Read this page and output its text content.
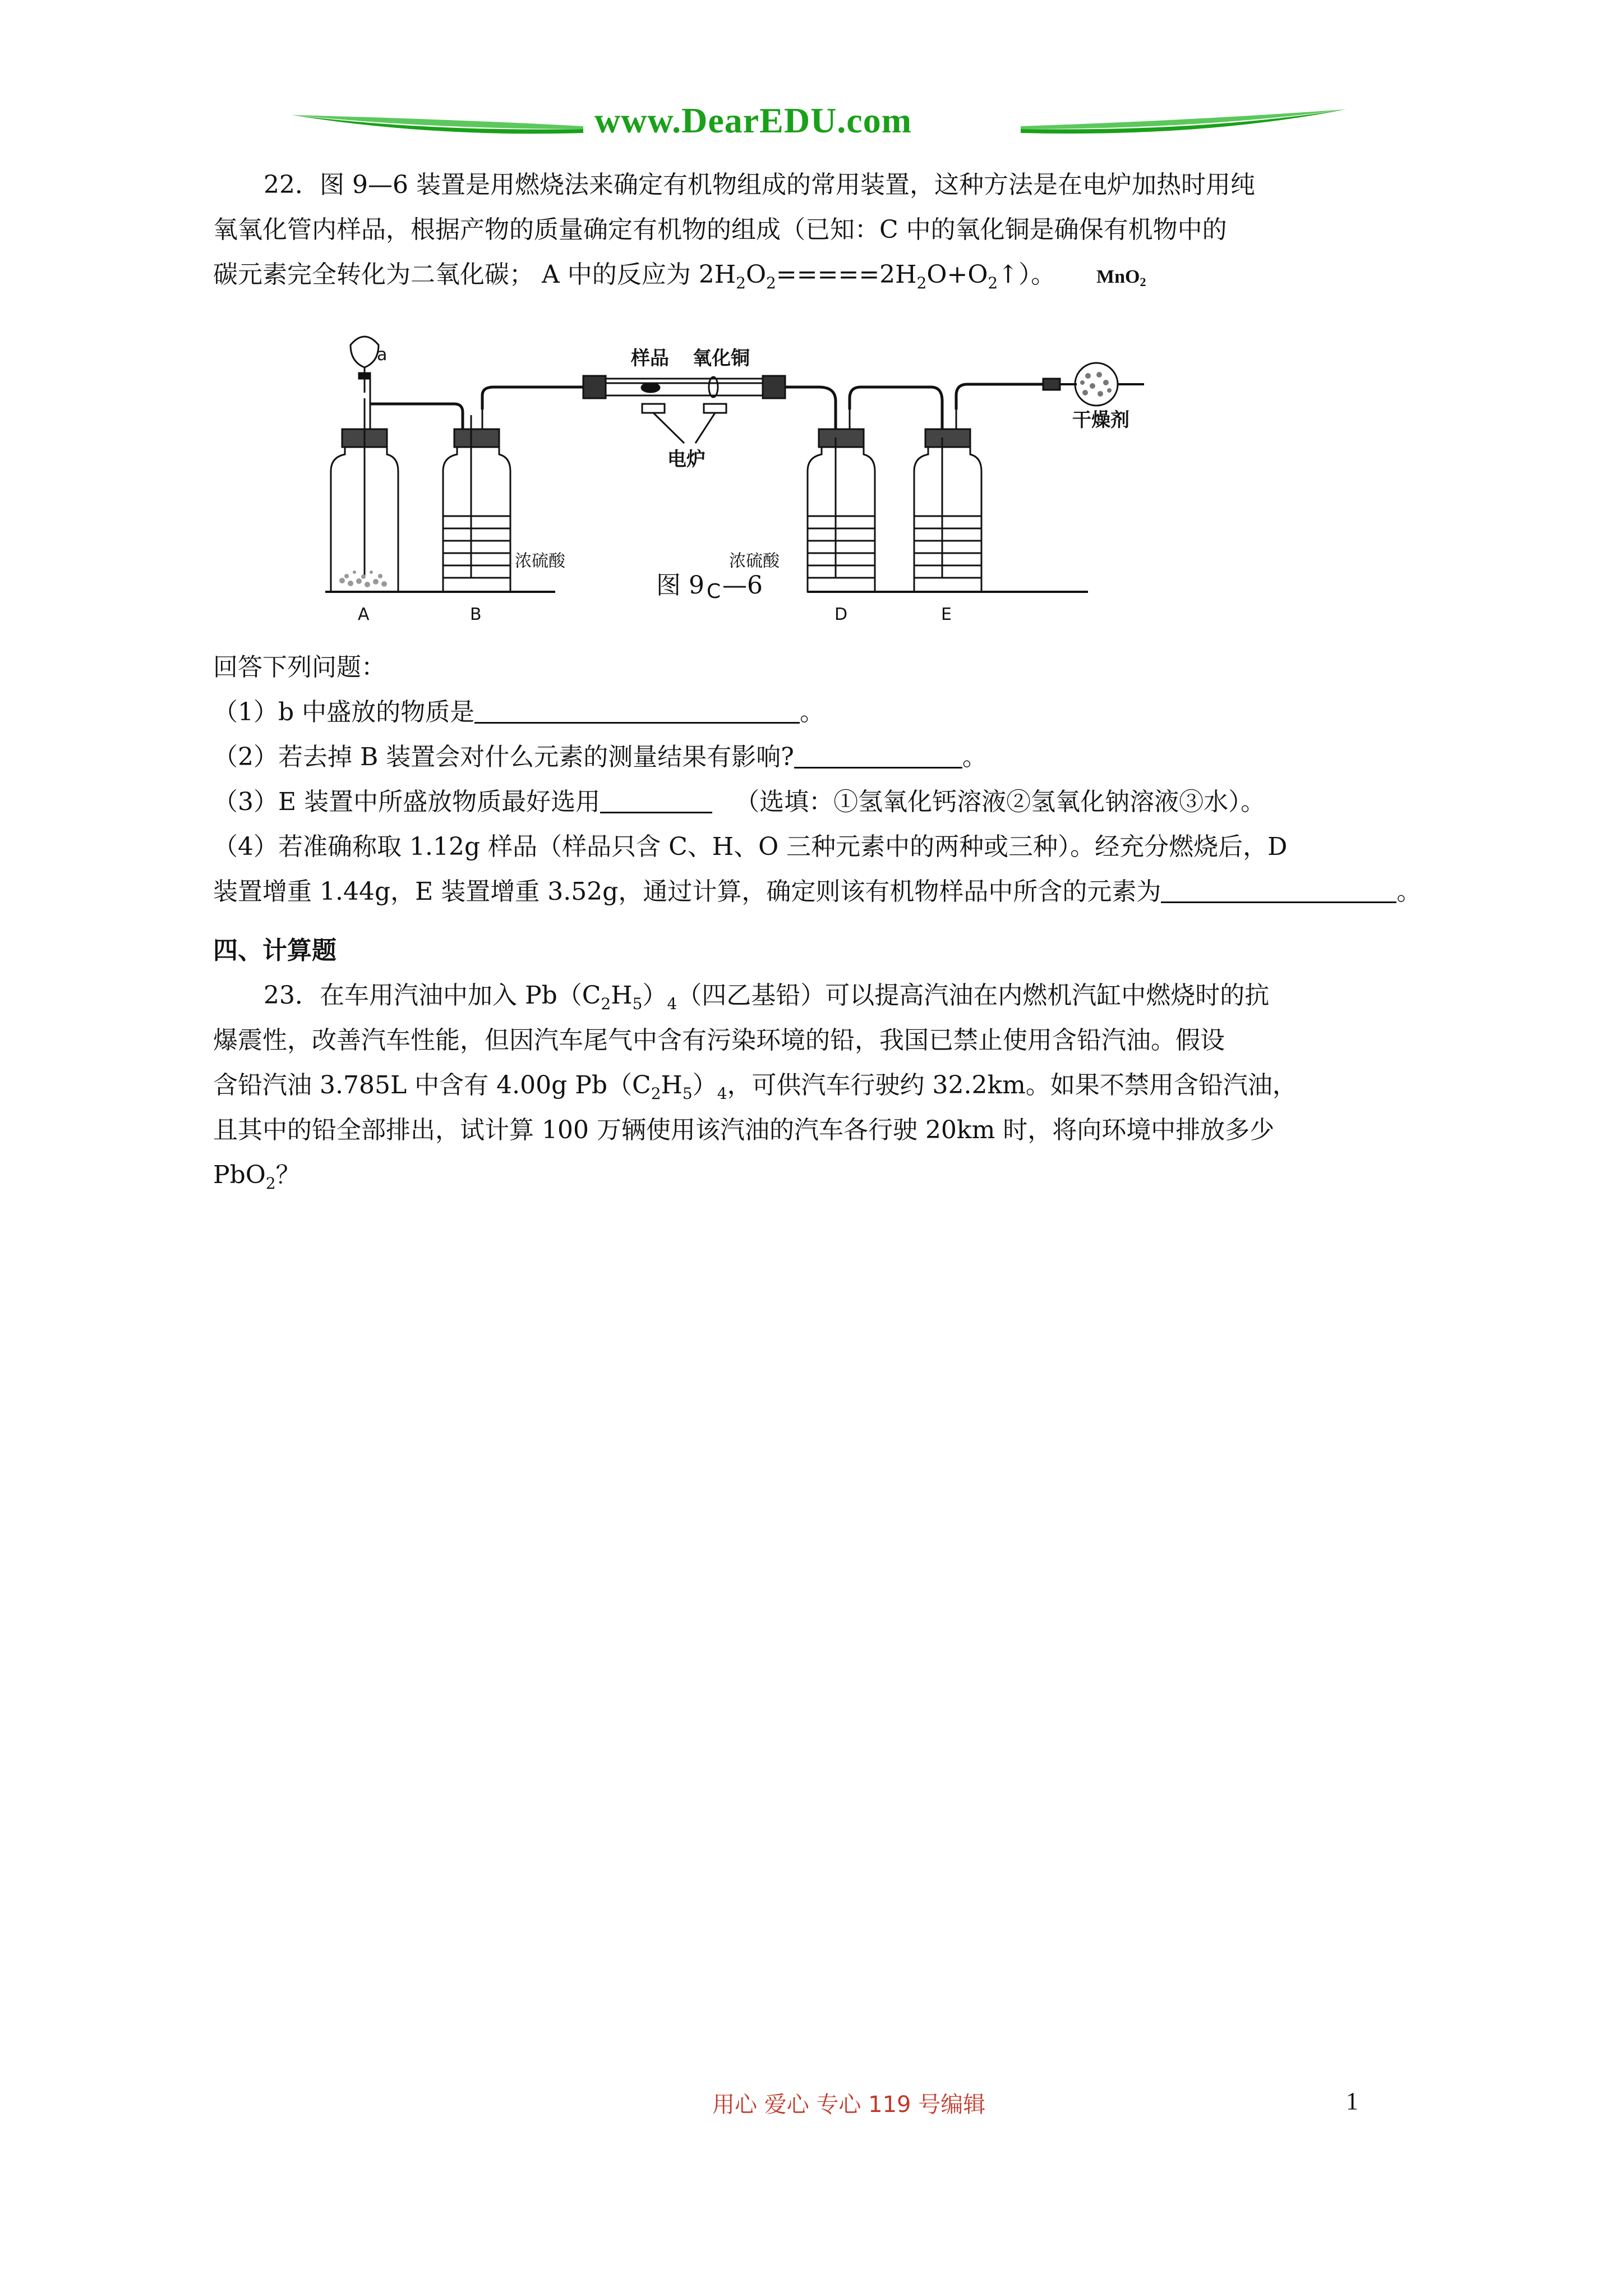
www.DearEDU.com
22．图 9—6 装置是用燃烧法来确定有机物组成的常用装置，这种方法是在电炉加热时用纯
氧氧化管内样品，根据产物的质量确定有机物的组成（已知：C 中的氧化铜是确保有机物中的
碳元素完全转化为二氧化碳； A 中的反应为 $2H_2O_2=====2H_2O+O_2↑$）。	MnO$_2$
a
浓硫酸
样品 氧化铜
电炉
浓硫酸
干燥剂
A	B	D	E
图 9 C —6
回答下列问题：
（1）b 中盛放的物质是	。
（2）若去掉 B 装置会对什么元素的测量结果有影响?	。
（3）E 装置中所盛放物质最好选用	（选填：①氢氧化钙溶液②氢氧化钠溶液③水）。
（4）若准确称取 1.12g 样品（样品只含 C、H、O 三种元素中的两种或三种）。经充分燃烧后，D
装置增重 1.44g，E 装置增重 3.52g，通过计算，确定则该有机物样品中所含的元素为	。
四、计算题
23．在车用汽油中加入 $Pb(C_2H_5)_4$（四乙基铅）可以提高汽油在内燃机汽缸中燃烧时的抗
爆震性，改善汽车性能，但因汽车尾气中含有污染环境的铅，我国已禁止使用含铅汽油。假设
含铅汽油 3.785L 中含有 4.00g $Pb(C_2H_5)_4$，可供汽车行驶约 32.2km。如果不禁用含铅汽油，
且其中的铅全部排出，试计算 100 万辆使用该汽油的汽车各行驶 20km 时，将向环境中排放多少
PbO$_2$？
用心 爱心 专心 119 号编辑	1
